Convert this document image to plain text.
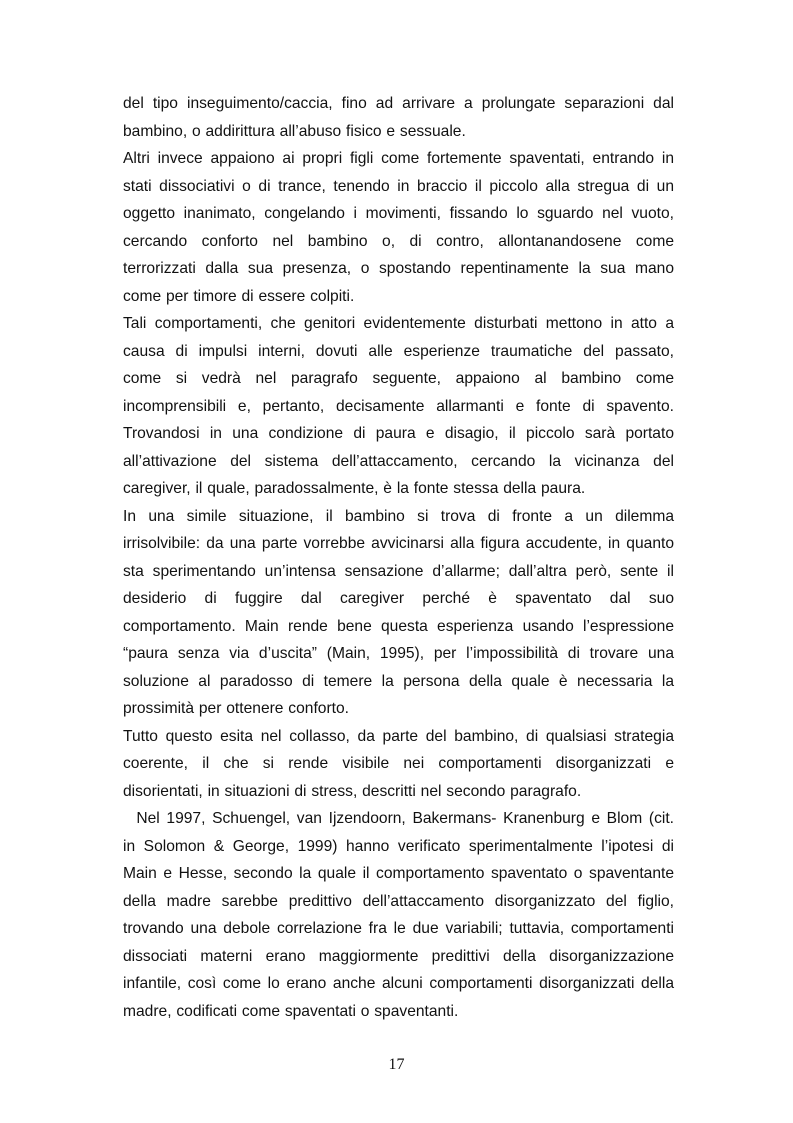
del tipo inseguimento/caccia, fino ad arrivare a prolungate separazioni dal
bambino, o addirittura all’abuso fisico e sessuale.
Altri invece appaiono ai propri figli come fortemente spaventati, entrando in
stati dissociativi o di trance, tenendo in braccio il piccolo alla stregua di un
oggetto inanimato, congelando i movimenti, fissando lo sguardo nel vuoto,
cercando conforto nel bambino o, di contro, allontanandosene come
terrorizzati dalla sua presenza, o spostando repentinamente la sua mano
come per timore di essere colpiti.
Tali comportamenti, che genitori evidentemente disturbati mettono in atto a
causa di impulsi interni, dovuti alle esperienze traumatiche del passato,
come si vedrà nel paragrafo seguente, appaiono al bambino come
incomprensibili e, pertanto, decisamente allarmanti e fonte di spavento.
Trovandosi in una condizione di paura e disagio, il piccolo sarà portato
all’attivazione del sistema dell’attaccamento, cercando la vicinanza del
caregiver, il quale, paradossalmente, è la fonte stessa della paura.
In una simile situazione, il bambino si trova di fronte a un dilemma
irrisolvibile: da una parte vorrebbe avvicinarsi alla figura accudente, in quanto
sta sperimentando un’intensa sensazione d’allarme; dall’altra però, sente il
desiderio di fuggire dal caregiver perché è spaventato dal suo
comportamento. Main rende bene questa esperienza usando l’espressione
“paura senza via d’uscita” (Main, 1995), per l’impossibilità di trovare una
soluzione al paradosso di temere la persona della quale è necessaria la
prossimità per ottenere conforto.
Tutto questo esita nel collasso, da parte del bambino, di qualsiasi strategia
coerente, il che si rende visibile nei comportamenti disorganizzati e
disorientati, in situazioni di stress, descritti nel secondo paragrafo.
Nel 1997, Schuengel, van Ijzendoorn, Bakermans- Kranenburg e Blom (cit.
in Solomon & George, 1999) hanno verificato sperimentalmente l’ipotesi di
Main e Hesse, secondo la quale il comportamento spaventato o spaventante
della madre sarebbe predittivo dell’attaccamento disorganizzato del figlio,
trovando una debole correlazione fra le due variabili; tuttavia, comportamenti
dissociati materni erano maggiormente predittivi della disorganizzazione
infantile, così come lo erano anche alcuni comportamenti disorganizzati della
madre, codificati come spaventati o spaventanti.
17
